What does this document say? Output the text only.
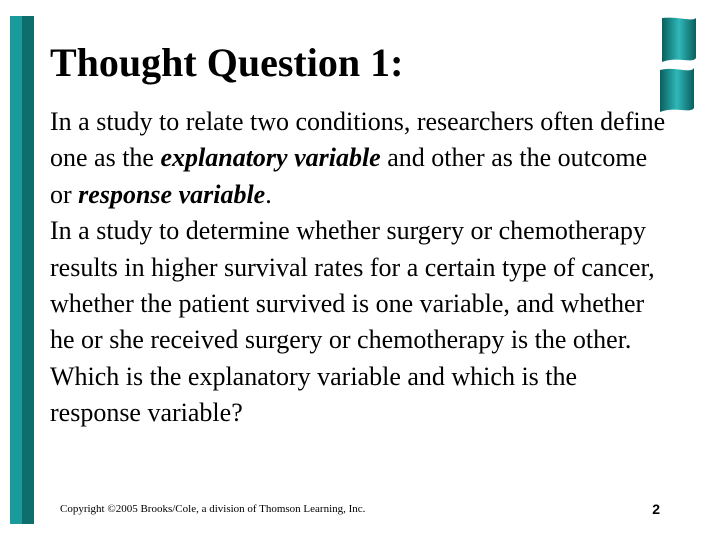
Thought Question 1:

In a study to relate two conditions, researchers often define one as the explanatory variable and other as the outcome or response variable.

In a study to determine whether surgery or chemotherapy results in higher survival rates for a certain type of cancer, whether the patient survived is one variable, and whether he or she received surgery or chemotherapy is the other.

Which is the explanatory variable and which is the response variable?

Copyright ©2005 Brooks/Cole, a division of Thomson Learning, Inc.	2
